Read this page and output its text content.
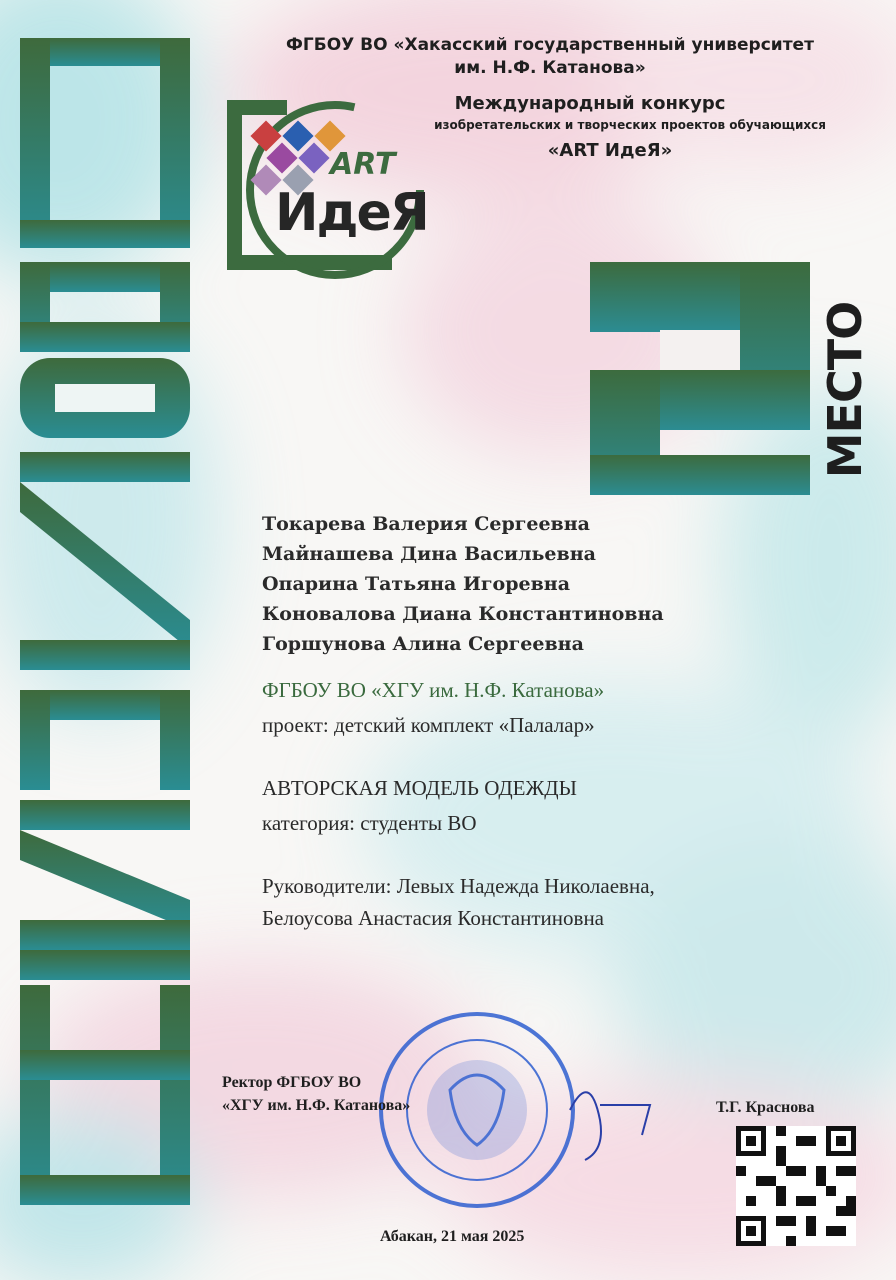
ФГБОУ ВО «Хакасский государственный университет
им. Н.Ф. Катанова»
Международный конкурс
изобретательских и творческих проектов обучающихся
«ART ИдеЯ»
ART
ИдеЯ
МЕСТО
Токарева Валерия Сергеевна
Майнашева Дина Васильевна
Опарина Татьяна Игоревна
Коновалова Диана Константиновна
Горшунова Алина Сергеевна
ФГБОУ ВО «ХГУ им. Н.Ф. Катанова»
проект: детский комплект «Палалар»
АВТОРСКАЯ МОДЕЛЬ ОДЕЖДЫ
категория: студенты ВО
Руководители: Левых Надежда Николаевна,
Белоусова Анастасия Константиновна
Ректор ФГБОУ ВО
«ХГУ им. Н.Ф. Катанова»	Т.Г. Краснова
Абакан, 21 мая 2025
